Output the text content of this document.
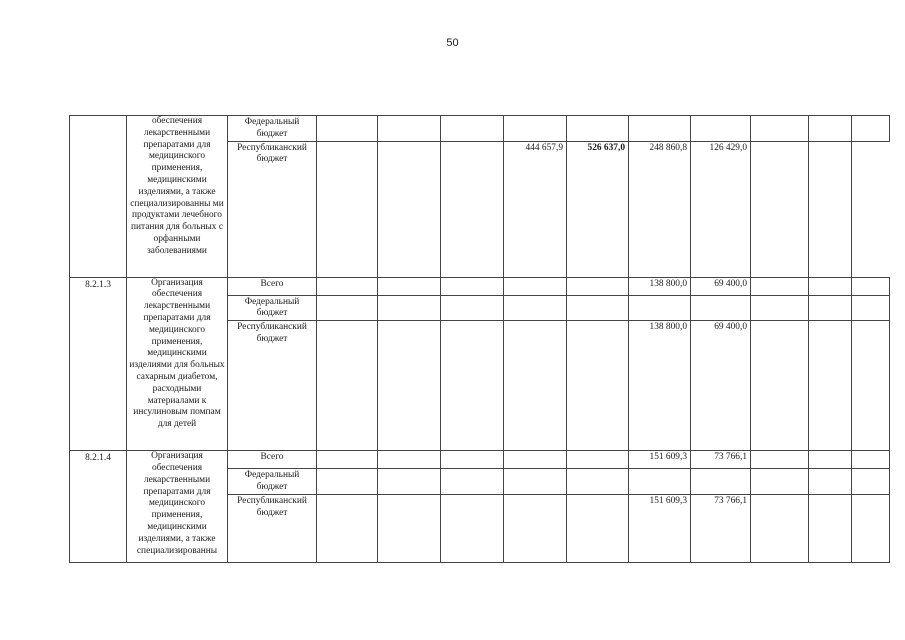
50
	обеспечения лекарственными препаратами для медицинского применения, медицинскими изделиями, а также специализированны ми продуктами лечебного питания для больных с орфанными заболеваниями	Федеральный бюджет										
		Республиканский бюджет				444 657,9	526 637,0	248 860,8	126 429,0			
8.2.1.3	Организация обеспечения лекарственными препаратами для медицинского применения, медицинскими изделиями для больных сахарным диабетом, расходными материалами к инсулиновым помпам для детей	Всего						138 800,0	69 400,0			
		Федеральный бюджет										
		Республиканский бюджет						138 800,0	69 400,0			
8.2.1.4	Организация обеспечения лекарственными препаратами для медицинского применения, медицинскими изделиями, а также специализированны	Всего						151 609,3	73 766,1			
		Федеральный бюджет										
		Республиканский бюджет						151 609,3	73 766,1			
